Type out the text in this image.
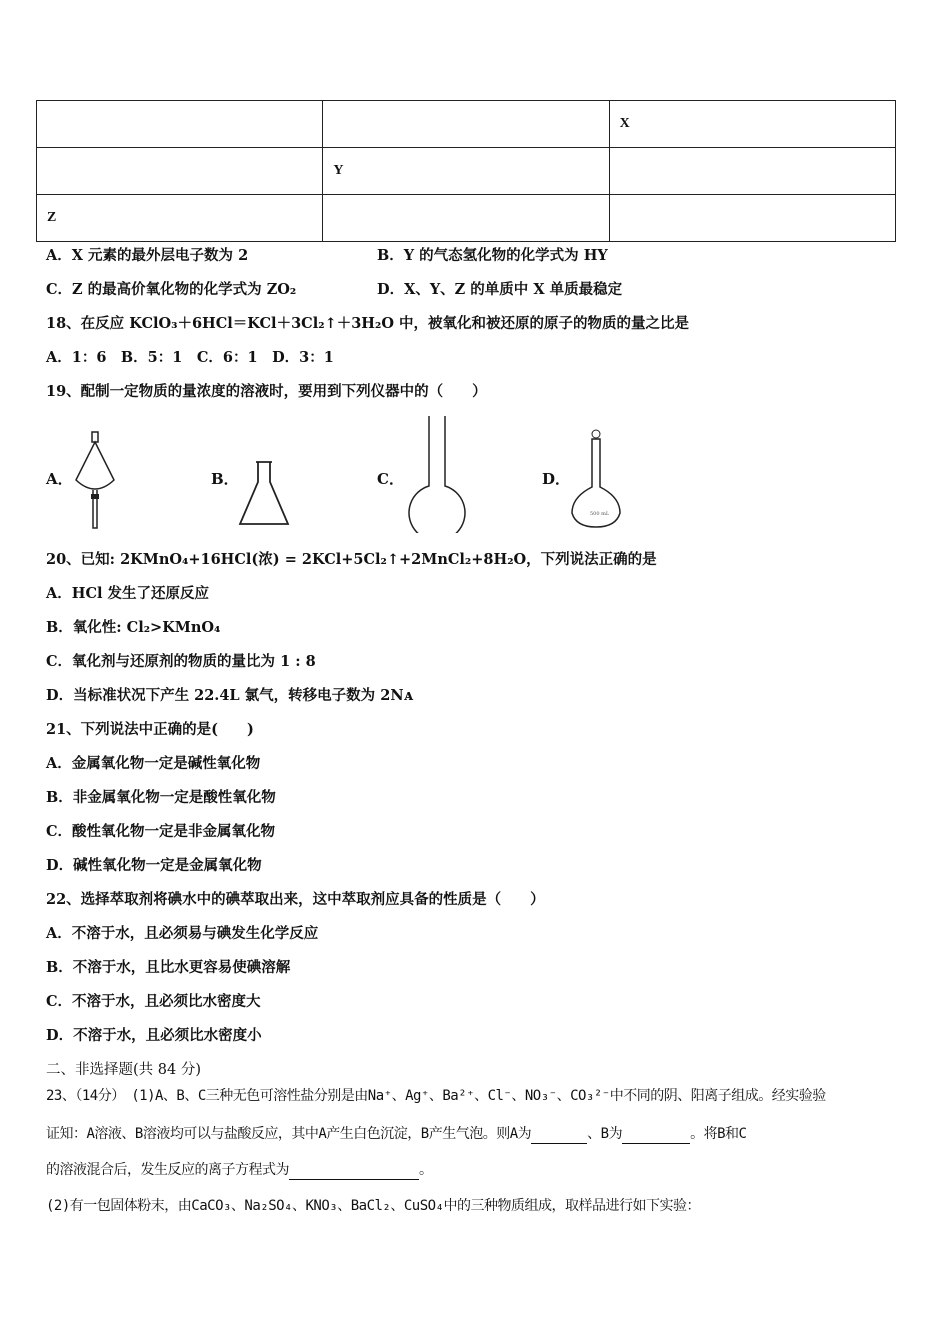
		X
	Y	
Z		
A．X 元素的最外层电子数为 2	B．Y 的气态氢化物的化学式为 HY
C．Z 的最高价氧化物的化学式为 ZO₂	D．X、Y、Z 的单质中 X 单质最稳定
18、在反应 KClO₃＋6HCl＝KCl＋3Cl₂↑＋3H₂O 中，被氧化和被还原的原子的物质的量之比是
A．1：6　B．5：1　C．6：1　D．3：1
19、配制一定物质的量浓度的溶液时，要用到下列仪器中的（　　）
A．	B．	C．	D．
500 mL
20、已知: 2KMnO₄+16HCl(浓) = 2KCl+5Cl₂↑+2MnCl₂+8H₂O，下列说法正确的是
A．HCl 发生了还原反应
B．氧化性: Cl₂>KMnO₄
C．氧化剂与还原剂的物质的量比为 1 : 8
D．当标准状况下产生 22.4L 氯气，转移电子数为 2Nᴀ
21、下列说法中正确的是(　　)
A．金属氧化物一定是碱性氧化物
B．非金属氧化物一定是酸性氧化物
C．酸性氧化物一定是非金属氧化物
D．碱性氧化物一定是金属氧化物
22、选择萃取剂将碘水中的碘萃取出来，这中萃取剂应具备的性质是（　　）
A．不溶于水，且必须易与碘发生化学反应
B．不溶于水，且比水更容易使碘溶解
C．不溶于水，且必须比水密度大
D．不溶于水，且必须比水密度小
二、非选择题(共 84 分)
23、（14分）　(1)A、B、C三种无色可溶性盐分别是由Na⁺、Ag⁺、Ba²⁺、Cl⁻、NO₃⁻、CO₃²⁻中不同的阴、阳离子组成。经实验验
证知：A溶液、B溶液均可以与盐酸反应，其中A产生白色沉淀，B产生气泡。则A为	、B为	。将B和C
的溶液混合后，发生反应的离子方程式为	。
(2)有一包固体粉末，由CaCO₃、Na₂SO₄、KNO₃、BaCl₂、CuSO₄中的三种物质组成，取样品进行如下实验：
